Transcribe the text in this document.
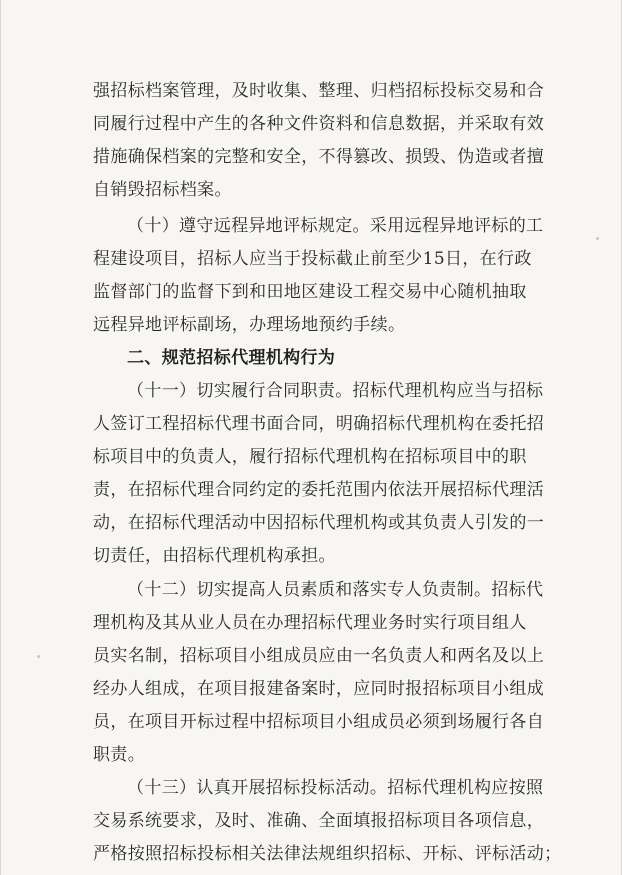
强招标档案管理，及时收集、整理、归档招标投标交易和合
同履行过程中产生的各种文件资料和信息数据，并采取有效
措施确保档案的完整和安全，不得篡改、损毁、伪造或者擅
自销毁招标档案。
（十）遵守远程异地评标规定。采用远程异地评标的工
程建设项目，招标人应当于投标截止前至少15日，在行政
监督部门的监督下到和田地区建设工程交易中心随机抽取
远程异地评标副场，办理场地预约手续。
二、规范招标代理机构行为
（十一）切实履行合同职责。招标代理机构应当与招标
人签订工程招标代理书面合同，明确招标代理机构在委托招
标项目中的负责人，履行招标代理机构在招标项目中的职
责，在招标代理合同约定的委托范围内依法开展招标代理活
动，在招标代理活动中因招标代理机构或其负责人引发的一
切责任，由招标代理机构承担。
（十二）切实提高人员素质和落实专人负责制。招标代
理机构及其从业人员在办理招标代理业务时实行项目组人
员实名制，招标项目小组成员应由一名负责人和两名及以上
经办人组成，在项目报建备案时，应同时报招标项目小组成
员，在项目开标过程中招标项目小组成员必须到场履行各自
职责。
（十三）认真开展招标投标活动。招标代理机构应按照
交易系统要求，及时、准确、全面填报招标项目各项信息，
严格按照招标投标相关法律法规组织招标、开标、评标活动；
